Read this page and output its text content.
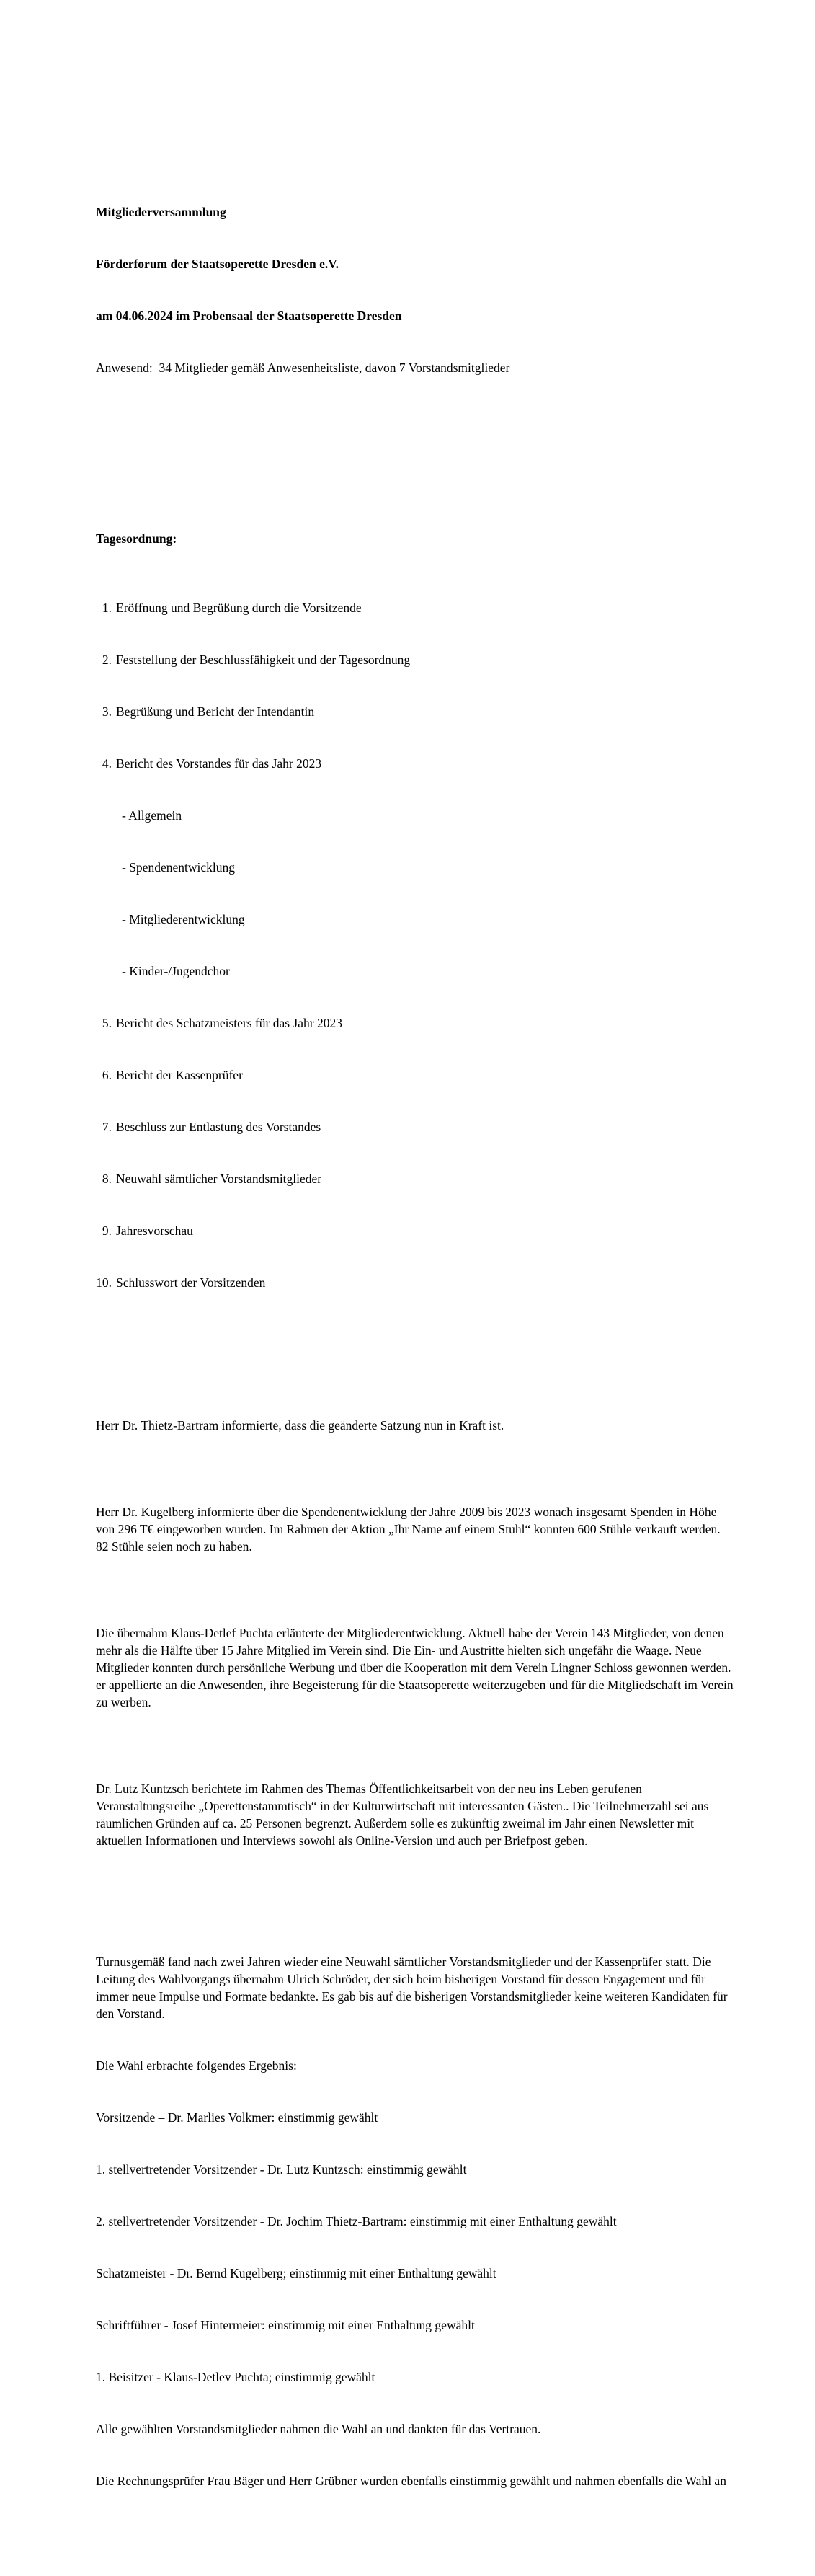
Mitgliederversammlung

Förderforum der Staatsoperette Dresden e.V.

am 04.06.2024 im Probensaal der Staatsoperette Dresden

Anwesend:  34 Mitglieder gemäß Anwesenheitsliste, davon 7 Vorstandsmitglieder

Tagesordnung:

1. Eröffnung und Begrüßung durch die Vorsitzende

2. Feststellung der Beschlussfähigkeit und der Tagesordnung

3. Begrüßung und Bericht der Intendantin

4. Bericht des Vorstandes für das Jahr 2023

- Allgemein

- Spendenentwicklung

- Mitgliederentwicklung

- Kinder-/Jugendchor

5. Bericht des Schatzmeisters für das Jahr 2023

6. Bericht der Kassenprüfer

7. Beschluss zur Entlastung des Vorstandes

8. Neuwahl sämtlicher Vorstandsmitglieder

9. Jahresvorschau

10. Schlusswort der Vorsitzenden

Herr Dr. Thietz-Bartram informierte, dass die geänderte Satzung nun in Kraft ist.

Herr Dr. Kugelberg informierte über die Spendenentwicklung der Jahre 2009 bis 2023 wonach insgesamt Spenden in Höhe von 296 T€ eingeworben wurden. Im Rahmen der Aktion „Ihr Name auf einem Stuhl“ konnten 600 Stühle verkauft werden. 82 Stühle seien noch zu haben.

Die übernahm Klaus-Detlef Puchta erläuterte der Mitgliederentwicklung. Aktuell habe der Verein 143 Mitglieder, von denen mehr als die Hälfte über 15 Jahre Mitglied im Verein sind. Die Ein- und Austritte hielten sich ungefähr die Waage. Neue Mitglieder konnten durch persönliche Werbung und über die Kooperation mit dem Verein Lingner Schloss gewonnen werden. er appellierte an die Anwesenden, ihre Begeisterung für die Staatsoperette weiterzugeben und für die Mitgliedschaft im Verein zu werben.

Dr. Lutz Kuntzsch berichtete im Rahmen des Themas Öffentlichkeitsarbeit von der neu ins Leben gerufenen Veranstaltungsreihe „Operettenstammtisch“ in der Kulturwirtschaft mit interessanten Gästen.. Die Teilnehmerzahl sei aus räumlichen Gründen auf ca. 25 Personen begrenzt. Außerdem solle es zukünftig zweimal im Jahr einen Newsletter mit aktuellen Informationen und Interviews sowohl als Online-Version und auch per Briefpost geben.

Turnusgemäß fand nach zwei Jahren wieder eine Neuwahl sämtlicher Vorstandsmitglieder und der Kassenprüfer statt. Die Leitung des Wahlvorgangs übernahm Ulrich Schröder, der sich beim bisherigen Vorstand für dessen Engagement und für immer neue Impulse und Formate bedankte. Es gab bis auf die bisherigen Vorstandsmitglieder keine weiteren Kandidaten für den Vorstand.

Die Wahl erbrachte folgendes Ergebnis:

Vorsitzende – Dr. Marlies Volkmer: einstimmig gewählt

1. stellvertretender Vorsitzender - Dr. Lutz Kuntzsch: einstimmig gewählt

2. stellvertretender Vorsitzender - Dr. Jochim Thietz-Bartram: einstimmig mit einer Enthaltung gewählt

Schatzmeister - Dr. Bernd Kugelberg; einstimmig mit einer Enthaltung gewählt

Schriftführer - Josef Hintermeier: einstimmig mit einer Enthaltung gewählt

1. Beisitzer - Klaus-Detlev Puchta; einstimmig gewählt

Alle gewählten Vorstandsmitglieder nahmen die Wahl an und dankten für das Vertrauen.

Die Rechnungsprüfer Frau Bäger und Herr Grübner wurden ebenfalls einstimmig gewählt und nahmen ebenfalls die Wahl an
